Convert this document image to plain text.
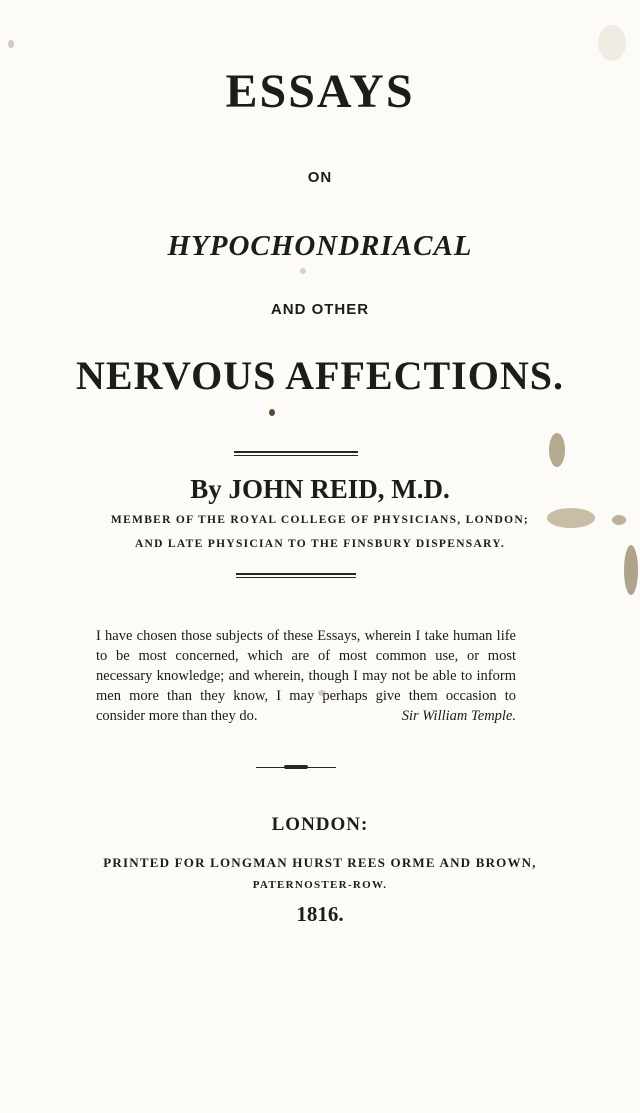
ESSAYS
ON
HYPOCHONDRIACAL
AND OTHER
NERVOUS AFFECTIONS.
By JOHN REID, M.D.
MEMBER OF THE ROYAL COLLEGE OF PHYSICIANS, LONDON;
AND LATE PHYSICIAN TO THE FINSBURY DISPENSARY.
I have chosen those subjects of these Essays, wherein I take human life to be most concerned, which are of most common use, or most necessary knowledge; and wherein, though I may not be able to inform men more than they know, I may perhaps give them occasion to consider more than they do.	Sir William Temple.
LONDON:
PRINTED FOR LONGMAN HURST REES ORME AND BROWN,
PATERNOSTER-ROW.
1816.
